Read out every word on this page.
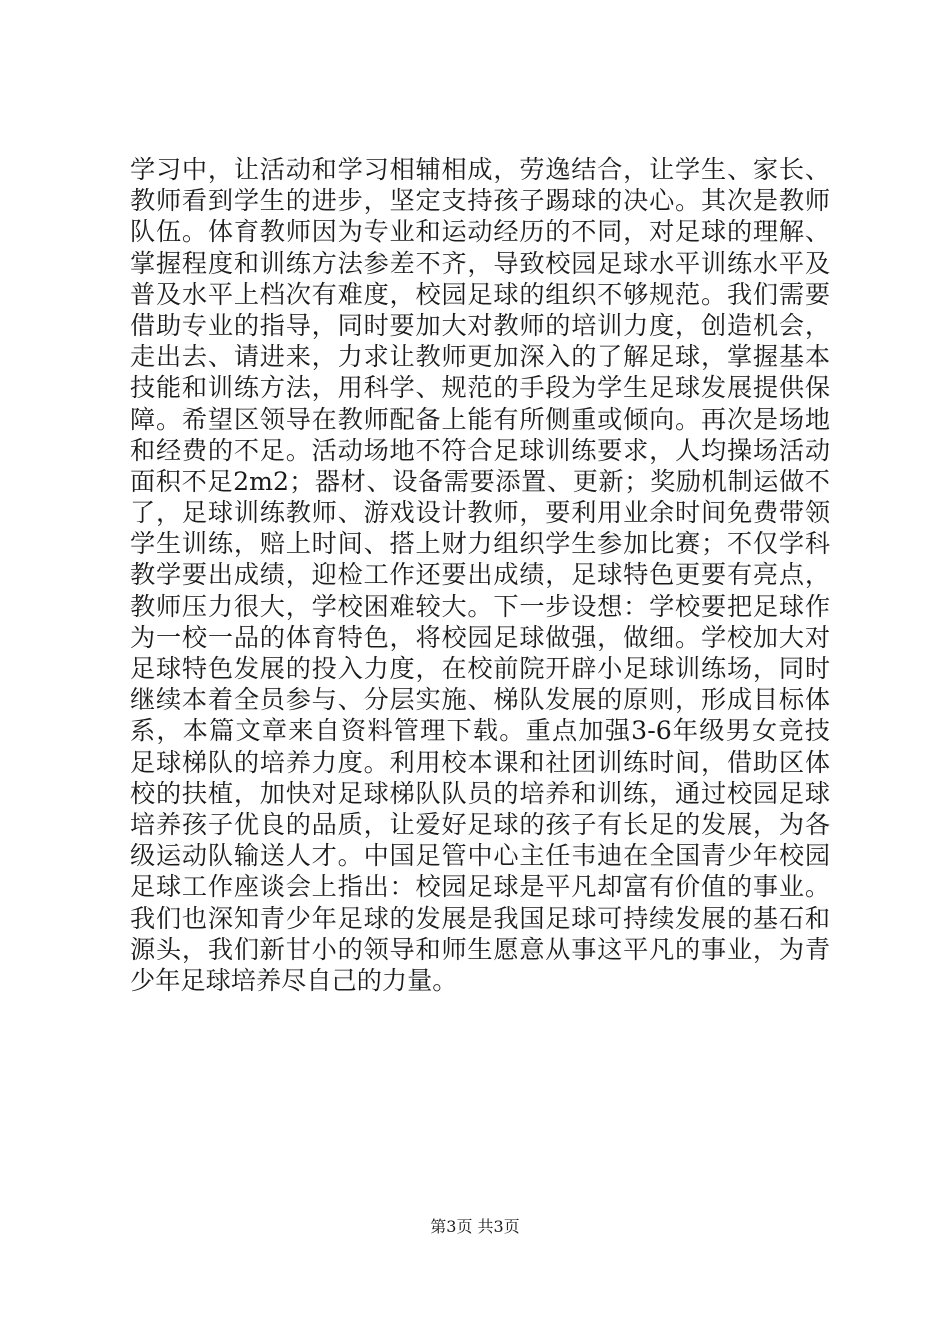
学习中，让活动和学习相辅相成，劳逸结合，让学生、家长、
教师看到学生的进步，坚定支持孩子踢球的决心。其次是教师
队伍。体育教师因为专业和运动经历的不同，对足球的理解、
掌握程度和训练方法参差不齐，导致校园足球水平训练水平及
普及水平上档次有难度，校园足球的组织不够规范。我们需要
借助专业的指导，同时要加大对教师的培训力度，创造机会，
走出去、请进来，力求让教师更加深入的了解足球，掌握基本
技能和训练方法，用科学、规范的手段为学生足球发展提供保
障。希望区领导在教师配备上能有所侧重或倾向。再次是场地
和经费的不足。活动场地不符合足球训练要求，人均操场活动
面积不足2m2；器材、设备需要添置、更新；奖励机制运做不
了，足球训练教师、游戏设计教师，要利用业余时间免费带领
学生训练，赔上时间、搭上财力组织学生参加比赛；不仅学科
教学要出成绩，迎检工作还要出成绩，足球特色更要有亮点，
教师压力很大，学校困难较大。下一步设想：学校要把足球作
为一校一品的体育特色，将校园足球做强，做细。学校加大对
足球特色发展的投入力度，在校前院开辟小足球训练场，同时
继续本着全员参与、分层实施、梯队发展的原则，形成目标体
系，本篇文章来自资料管理下载。重点加强3-6年级男女竞技
足球梯队的培养力度。利用校本课和社团训练时间，借助区体
校的扶植，加快对足球梯队队员的培养和训练，通过校园足球
培养孩子优良的品质，让爱好足球的孩子有长足的发展，为各
级运动队输送人才。中国足管中心主任韦迪在全国青少年校园
足球工作座谈会上指出：校园足球是平凡却富有价值的事业。
我们也深知青少年足球的发展是我国足球可持续发展的基石和
源头，我们新甘小的领导和师生愿意从事这平凡的事业，为青
少年足球培养尽自己的力量。
第3页 共3页
